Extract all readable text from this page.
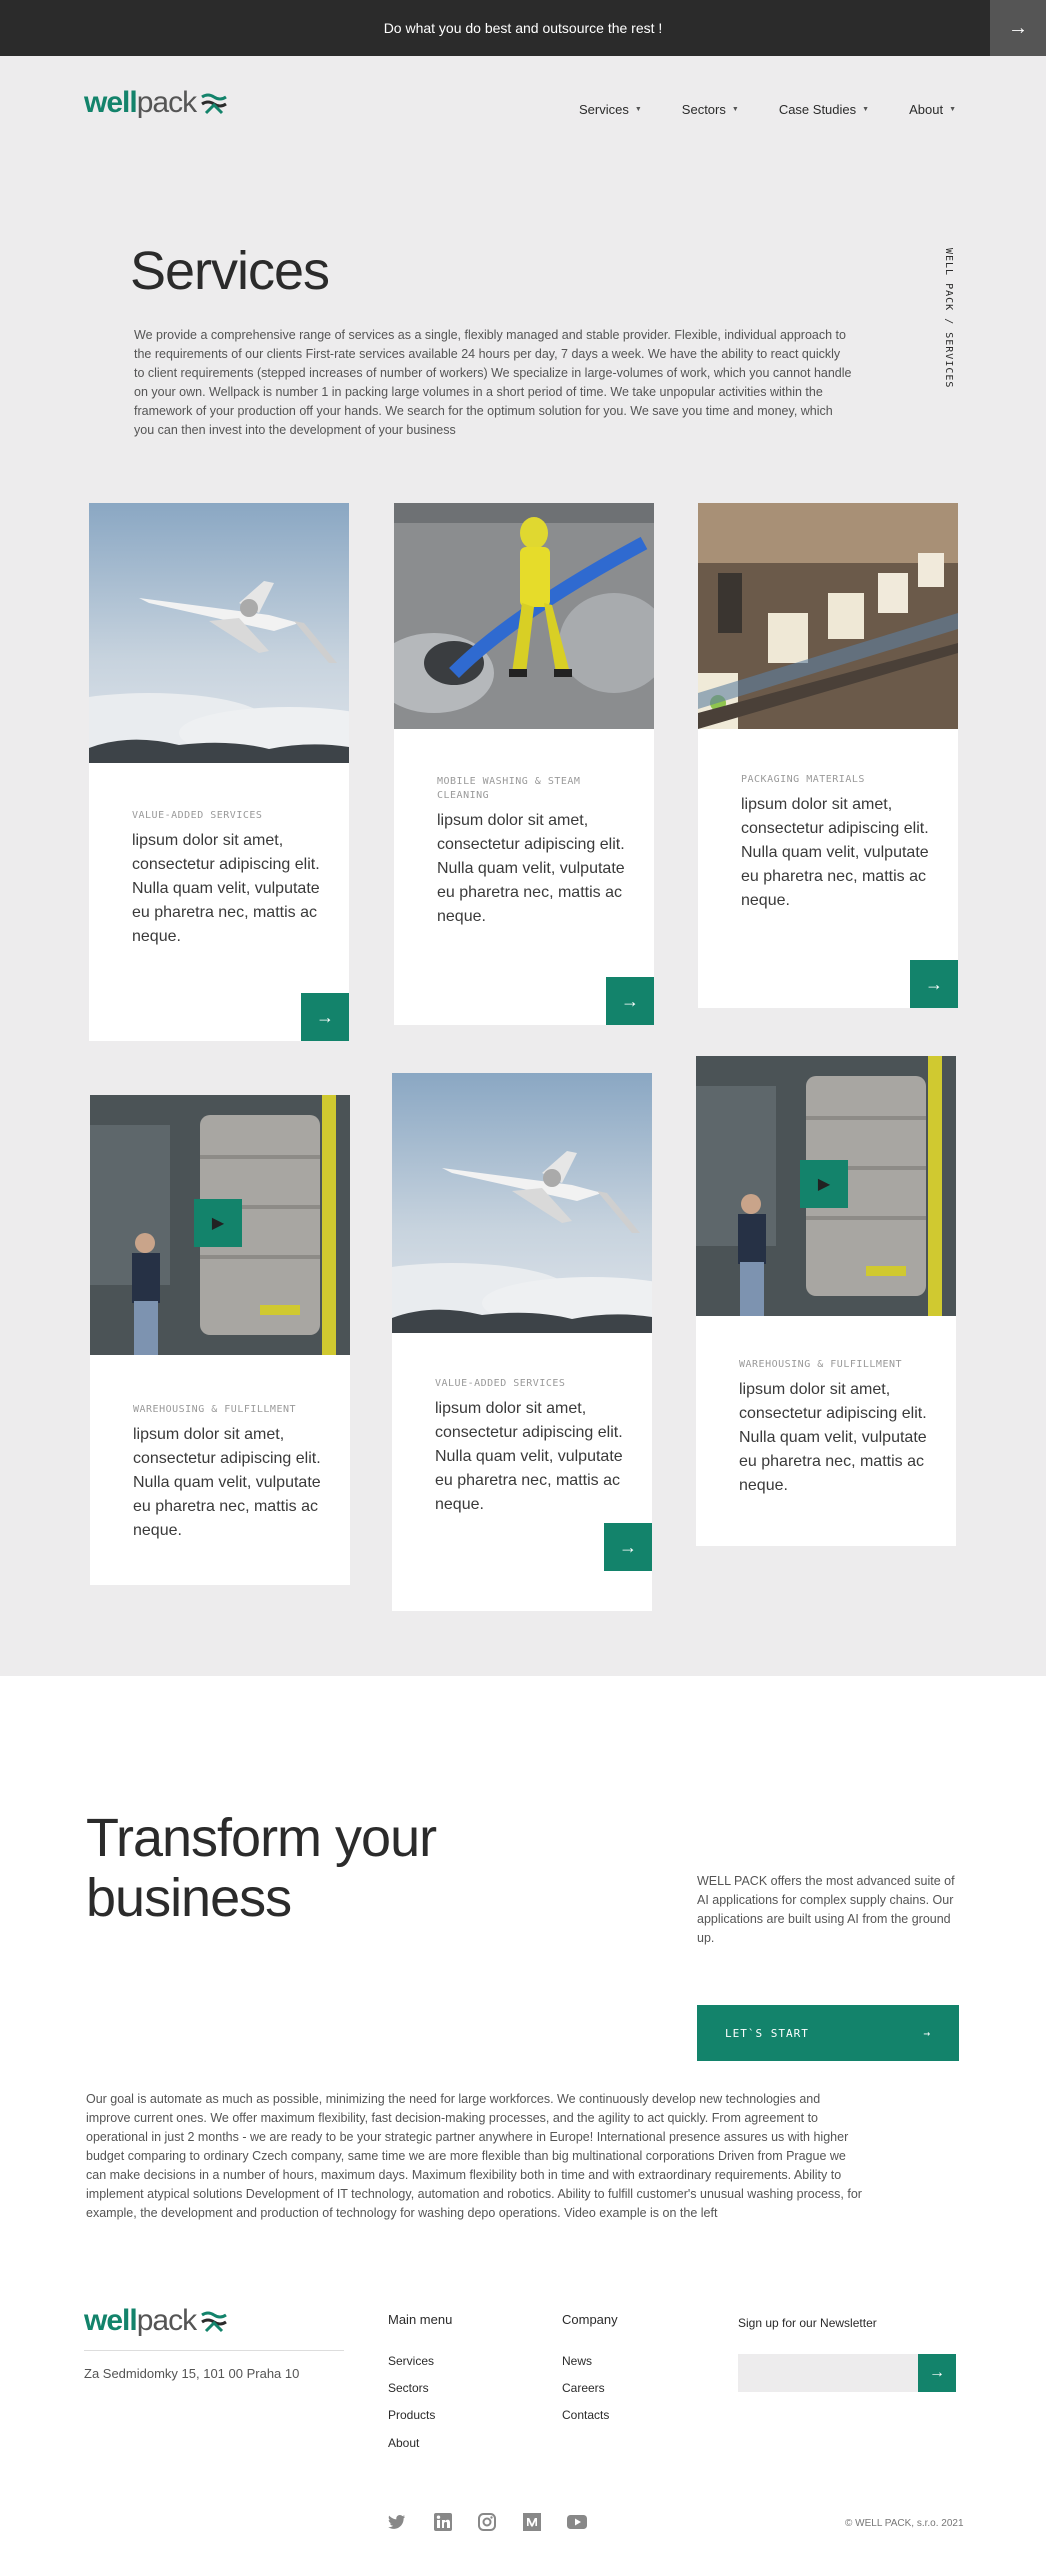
Do what you do best and outsource the rest !	→
well pack	Services ▼	Sectors ▼	Case Studies ▼	About ▼
Services

We provide a comprehensive range of services as a single, flexibly managed and stable provider. Flexible, individual approach to the requirements of our clients First-rate services available 24 hours per day, 7 days a week. We have the ability to react quickly to client requirements (stepped increases of number of workers) We specialize in large-volumes of work, which you cannot handle on your own. Wellpack is number 1 in packing large volumes in a short period of time. We take unpopular activities within the framework of your production off your hands. We search for the optimum solution for you. We save you time and money, which you can then invest into the development of your business

WELL PACK / SERVICES
VALUE-ADDED SERVICES
lipsum dolor sit amet, consectetur adipiscing elit. Nulla quam velit, vulputate eu pharetra nec, mattis ac neque.
→
MOBILE WASHING & STEAM CLEANING
lipsum dolor sit amet, consectetur adipiscing elit. Nulla quam velit, vulputate eu pharetra nec, mattis ac neque.
→
PACKAGING MATERIALS
lipsum dolor sit amet, consectetur adipiscing elit. Nulla quam velit, vulputate eu pharetra nec, mattis ac neque.
→
▶
WAREHOUSING & FULFILLMENT
lipsum dolor sit amet, consectetur adipiscing elit. Nulla quam velit, vulputate eu pharetra nec, mattis ac neque.
VALUE-ADDED SERVICES
lipsum dolor sit amet, consectetur adipiscing elit. Nulla quam velit, vulputate eu pharetra nec, mattis ac neque.
→
▶
WAREHOUSING & FULFILLMENT
lipsum dolor sit amet, consectetur adipiscing elit. Nulla quam velit, vulputate eu pharetra nec, mattis ac neque.
Transform your
business	WELL PACK offers the most advanced suite of AI applications for complex supply chains. Our applications are built using AI from the ground up.

LET`S START	→

Our goal is automate as much as possible, minimizing the need for large workforces. We continuously develop new technologies and improve current ones. We offer maximum flexibility, fast decision-making processes, and the agility to act quickly. From agreement to operational in just 2 months - we are ready to be your strategic partner anywhere in Europe! International presence assures us with higher budget comparing to ordinary Czech company, same time we are more flexible than big multinational corporations Driven from Prague we can make decisions in a number of hours, maximum days. Maximum flexibility both in time and with extraordinary requirements. Ability to implement atypical solutions Development of IT technology, automation and robotics. Ability to fulfill customer's unusual washing process, for example, the development and production of technology for washing depo operations. Video example is on the left

well pack
Za Sedmidomky 15, 101 00 Praha 10
Main menu
Services
Sectors
Products
About
Company
News
Careers
Contacts
Sign up for our Newsletter
→
© WELL PACK, s.r.o. 2021
